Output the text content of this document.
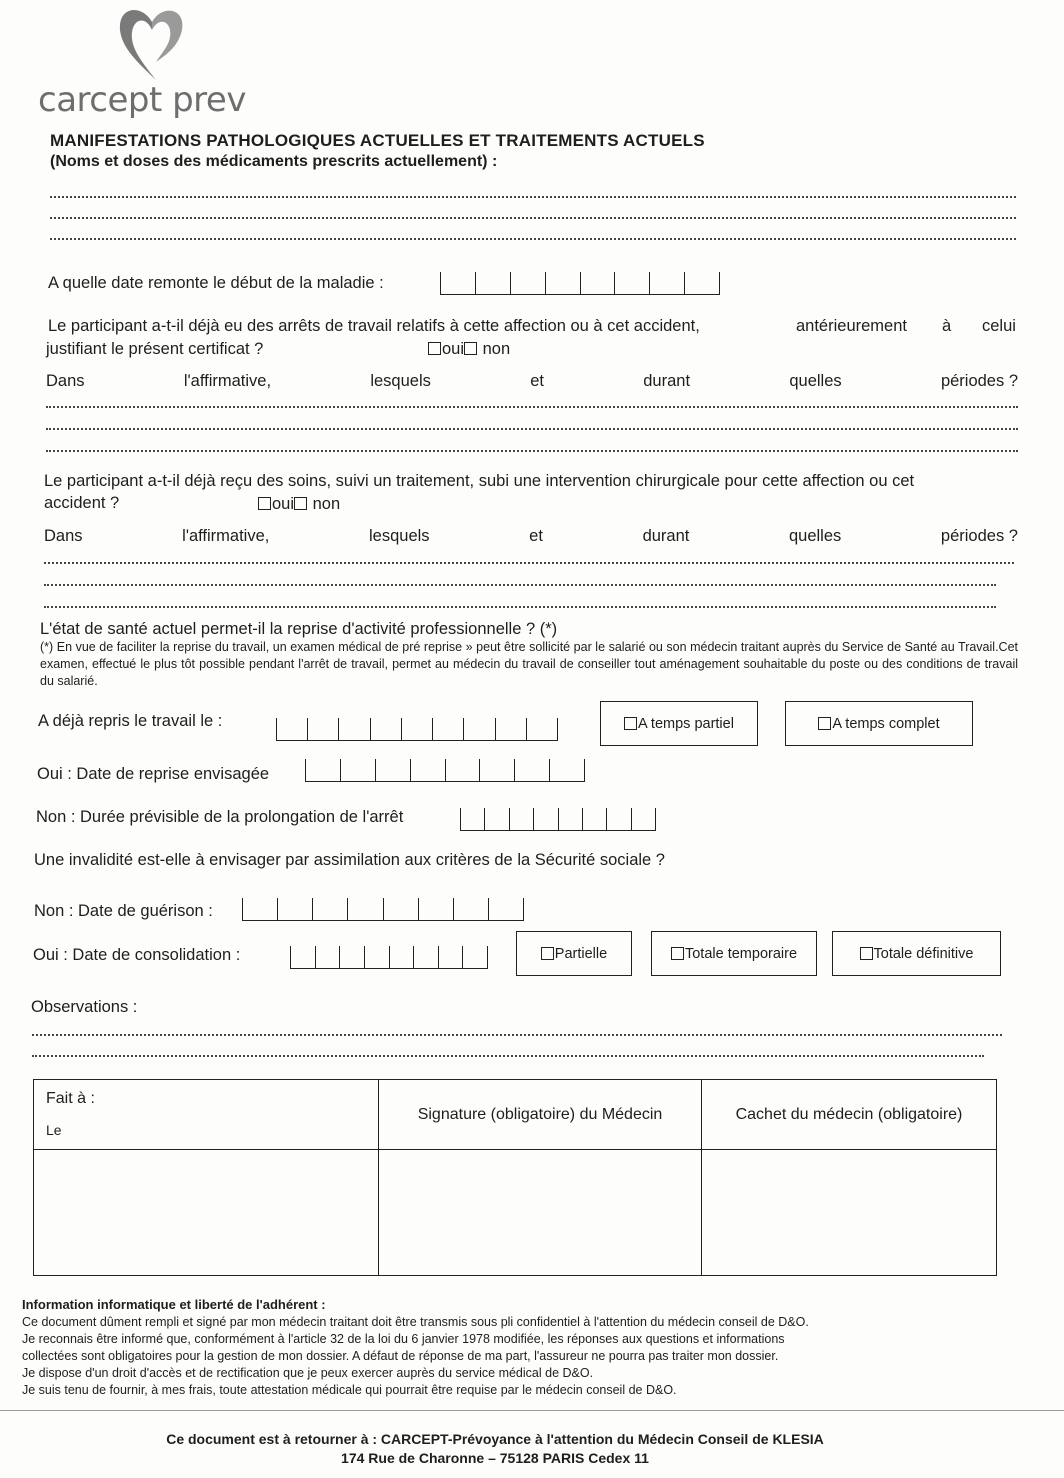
carcept prev
MANIFESTATIONS PATHOLOGIQUES ACTUELLES ET TRAITEMENTS ACTUELS
(Noms et doses des médicaments prescrits actuellement) :
A quelle date remonte le début de la maladie :
Le participant a-t-il déjà eu des arrêts de travail relatifs à cette affection ou à cet accident,	antérieurement à celui
justifiant le présent certificat ?	oui non
Dans	l'affirmative,	lesquels	et	durant	quelles	périodes ?
Le participant a-t-il déjà reçu des soins, suivi un traitement, subi une intervention chirurgicale pour cette affection ou cet
accident ?	oui non
Dans	l'affirmative,	lesquels	et	durant	quelles	périodes ?
L'état de santé actuel permet-il la reprise d'activité professionnelle ? (*)
(*) En vue de faciliter la reprise du travail, un examen médical de pré reprise » peut être sollicité par le salarié ou son médecin traitant auprès du Service de Santé au Travail.Cet examen, effectué le plus tôt possible pendant l'arrêt de travail, permet au médecin du travail de conseiller tout aménagement souhaitable du poste ou des conditions de travail du salarié.
A déjà repris le travail le :	A temps partiel	A temps complet
Oui : Date de reprise envisagée
Non : Durée prévisible de la prolongation de l'arrêt
Une invalidité est-elle à envisager par assimilation aux critères de la Sécurité sociale ?
Non : Date de guérison :
Oui : Date de consolidation :	Partielle	Totale temporaire	Totale définitive
Observations :
Fait à :
Le	Signature (obligatoire) du Médecin	Cachet du médecin (obligatoire)

Information informatique et liberté de l'adhérent :
Ce document dûment rempli et signé par mon médecin traitant doit être transmis sous pli confidentiel à l'attention du médecin conseil de D&O.
Je reconnais être informé que, conformément à l'article 32 de la loi du 6 janvier 1978 modifiée, les réponses aux questions et informations
collectées sont obligatoires pour la gestion de mon dossier. A défaut de réponse de ma part, l'assureur ne pourra pas traiter mon dossier.
Je dispose d'un droit d'accès et de rectification que je peux exercer auprès du service médical de D&O.
Je suis tenu de fournir, à mes frais, toute attestation médicale qui pourrait être requise par le médecin conseil de D&O.
Ce document est à retourner à : CARCEPT-Prévoyance à l'attention du Médecin Conseil de KLESIA
174 Rue de Charonne – 75128 PARIS Cedex 11
